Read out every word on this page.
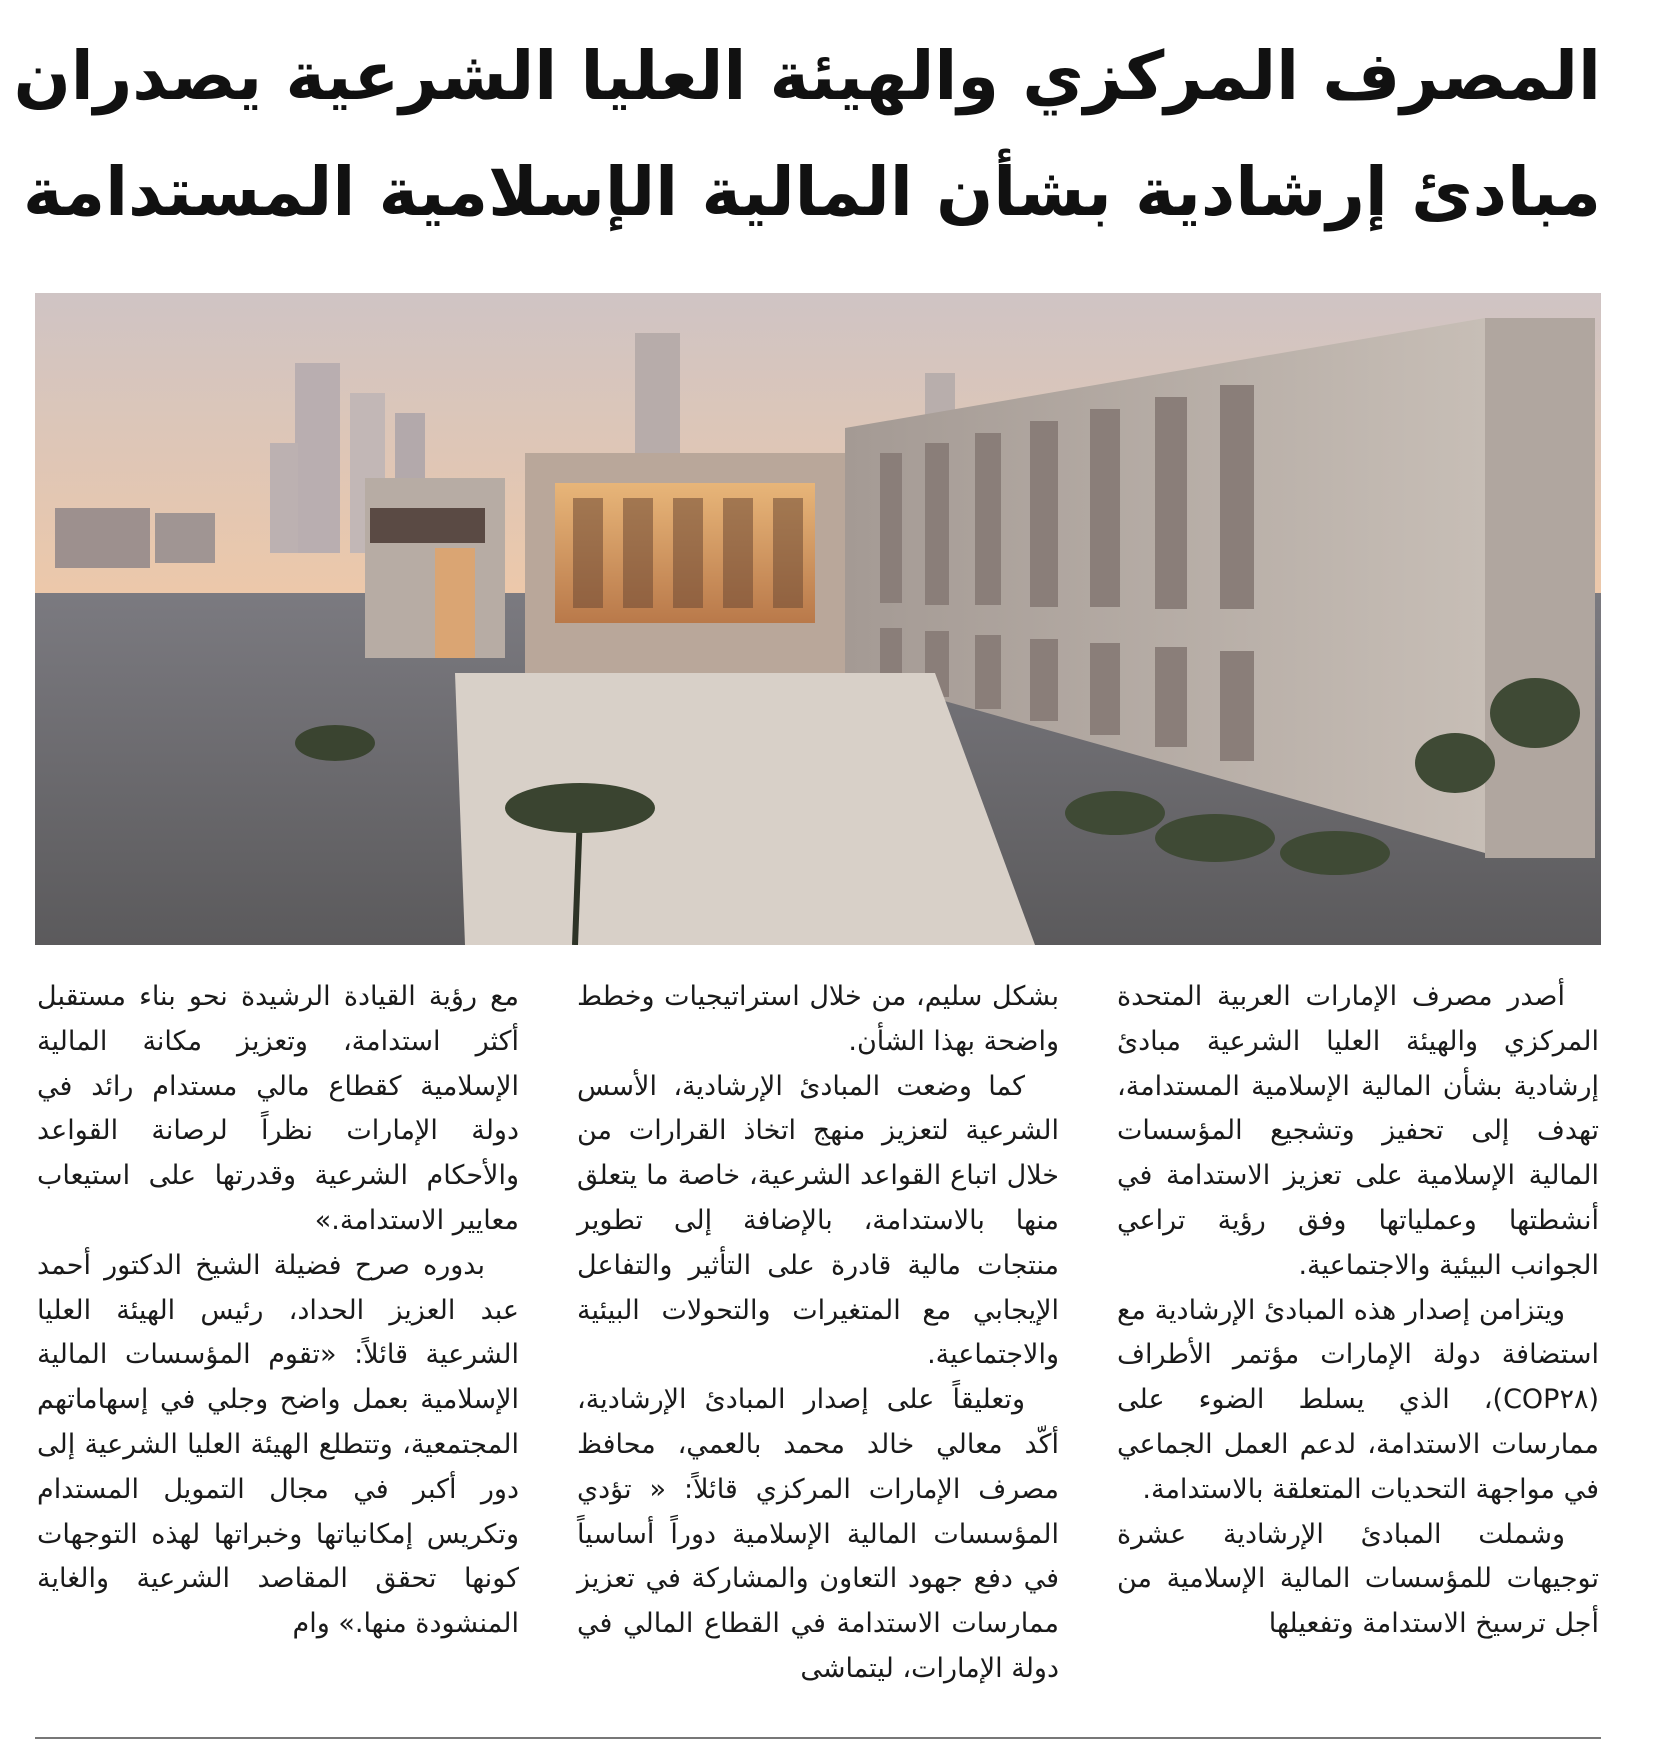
المصرف المركزي والهيئة العليا الشرعية يصدران
مبادئ إرشادية بشأن المالية الإسلامية المستدامة

أصدر مصرف الإمارات العربية المتحدة المركزي والهيئة العليا الشرعية مبادئ إرشادية بشأن المالية الإسلامية المستدامة، تهدف إلى تحفيز وتشجيع المؤسسات المالية الإسلامية على تعزيز الاستدامة في أنشطتها وعملياتها وفق رؤية تراعي الجوانب البيئية والاجتماعية.

ويتزامن إصدار هذه المبادئ الإرشادية مع استضافة دولة الإمارات مؤتمر الأطراف (COP٢٨)، الذي يسلط الضوء على ممارسات الاستدامة، لدعم العمل الجماعي في مواجهة التحديات المتعلقة بالاستدامة.

وشملت المبادئ الإرشادية عشرة توجيهات للمؤسسات المالية الإسلامية من أجل ترسيخ الاستدامة وتفعيلها

بشكل سليم، من خلال استراتيجيات وخطط واضحة بهذا الشأن.

كما وضعت المبادئ الإرشادية، الأسس الشرعية لتعزيز منهج اتخاذ القرارات من خلال اتباع القواعد الشرعية، خاصة ما يتعلق منها بالاستدامة، بالإضافة إلى تطوير منتجات مالية قادرة على التأثير والتفاعل الإيجابي مع المتغيرات والتحولات البيئية والاجتماعية.

وتعليقاً على إصدار المبادئ الإرشادية، أكّد معالي خالد محمد بالعمي، محافظ مصرف الإمارات المركزي قائلاً: « تؤدي المؤسسات المالية الإسلامية دوراً أساسياً في دفع جهود التعاون والمشاركة في تعزيز ممارسات الاستدامة في القطاع المالي في دولة الإمارات، ليتماشى

مع رؤية القيادة الرشيدة نحو بناء مستقبل أكثر استدامة، وتعزيز مكانة المالية الإسلامية كقطاع مالي مستدام رائد في دولة الإمارات نظراً لرصانة القواعد والأحكام الشرعية وقدرتها على استيعاب معايير الاستدامة.»

بدوره صرح فضيلة الشيخ الدكتور أحمد عبد العزيز الحداد، رئيس الهيئة العليا الشرعية قائلاً: «تقوم المؤسسات المالية الإسلامية بعمل واضح وجلي في إسهاماتهم المجتمعية، وتتطلع الهيئة العليا الشرعية إلى دور أكبر في مجال التمويل المستدام وتكريس إمكانياتها وخبراتها لهذه التوجهات كونها تحقق المقاصد الشرعية والغاية المنشودة منها.» وام
